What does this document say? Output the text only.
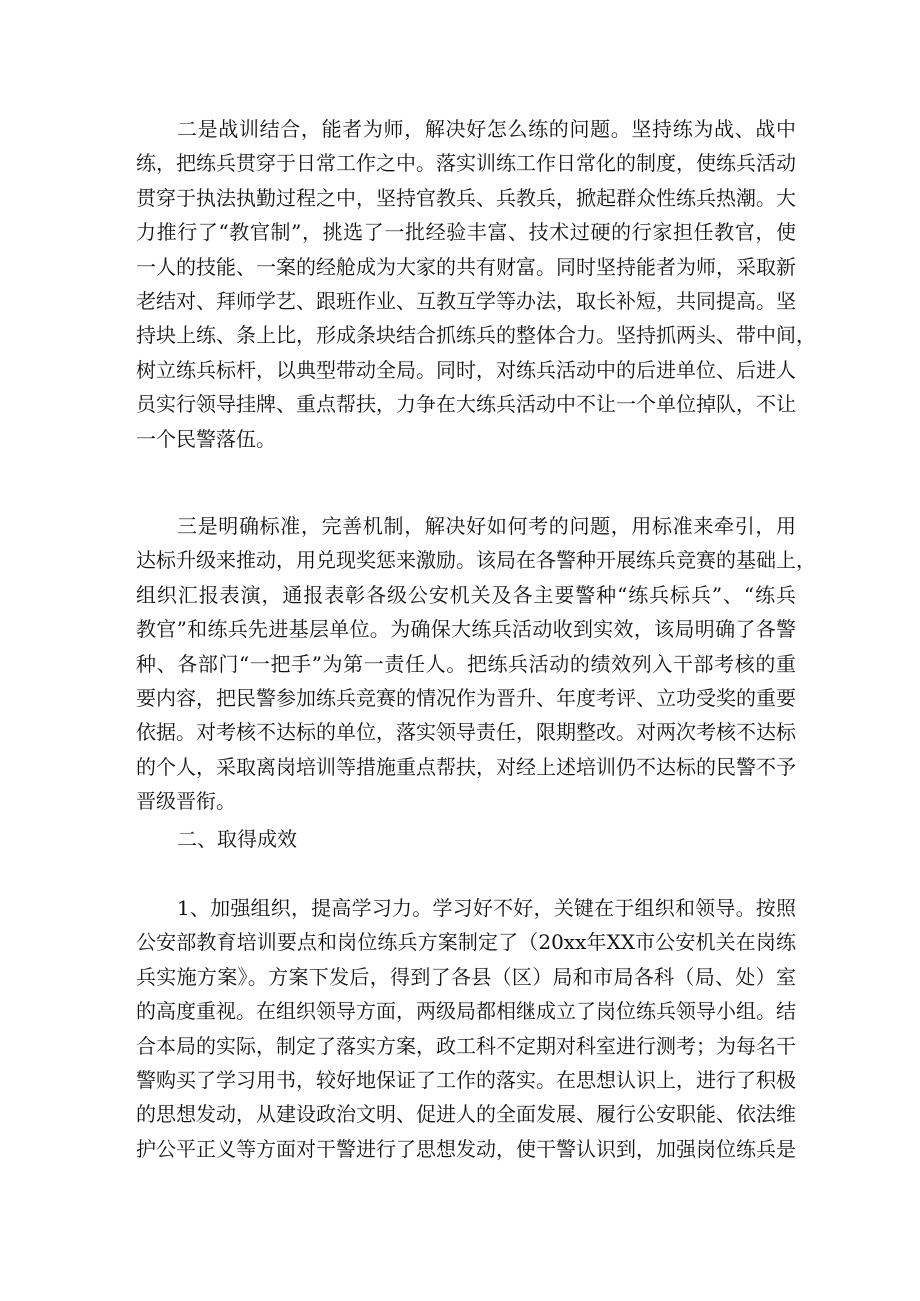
二是战训结合，能者为师，解决好怎么练的问题。坚持练为战、战中
练，把练兵贯穿于日常工作之中。落实训练工作日常化的制度，使练兵活动
贯穿于执法执勤过程之中，坚持官教兵、兵教兵，掀起群众性练兵热潮。大
力推行了“教官制”，挑选了一批经验丰富、技术过硬的行家担任教官，使
一人的技能、一案的经舱成为大家的共有财富。同时坚持能者为师，采取新
老结对、拜师学艺、跟班作业、互教互学等办法，取长补短，共同提高。坚
持块上练、条上比，形成条块结合抓练兵的整体合力。坚持抓两头、带中间，
树立练兵标杆，以典型带动全局。同时，对练兵活动中的后进单位、后进人
员实行领导挂牌、重点帮扶，力争在大练兵活动中不让一个单位掉队，不让
一个民警落伍。
三是明确标准，完善机制，解决好如何考的问题，用标准来牵引，用
达标升级来推动，用兑现奖惩来激励。该局在各警种开展练兵竞赛的基础上，
组织汇报表演，通报表彰各级公安机关及各主要警种“练兵标兵”、“练兵
教官”和练兵先进基层单位。为确保大练兵活动收到实效，该局明确了各警
种、各部门“一把手”为第一责任人。把练兵活动的绩效列入干部考核的重
要内容，把民警参加练兵竞赛的情况作为晋升、年度考评、立功受奖的重要
依据。对考核不达标的单位，落实领导责任，限期整改。对两次考核不达标
的个人，采取离岗培训等措施重点帮扶，对经上述培训仍不达标的民警不予
晋级晋衔。
二、取得成效
1、加强组织，提高学习力。学习好不好，关键在于组织和领导。按照
公安部教育培训要点和岗位练兵方案制定了（20xx年XX市公安机关在岗练
兵实施方案》。方案下发后，得到了各县（区）局和市局各科（局、处）室
的高度重视。在组织领导方面，两级局都相继成立了岗位练兵领导小组。结
合本局的实际，制定了落实方案，政工科不定期对科室进行测考；为每名干
警购买了学习用书，较好地保证了工作的落实。在思想认识上，进行了积极
的思想发动，从建设政治文明、促进人的全面发展、履行公安职能、依法维
护公平正义等方面对干警进行了思想发动，使干警认识到，加强岗位练兵是
